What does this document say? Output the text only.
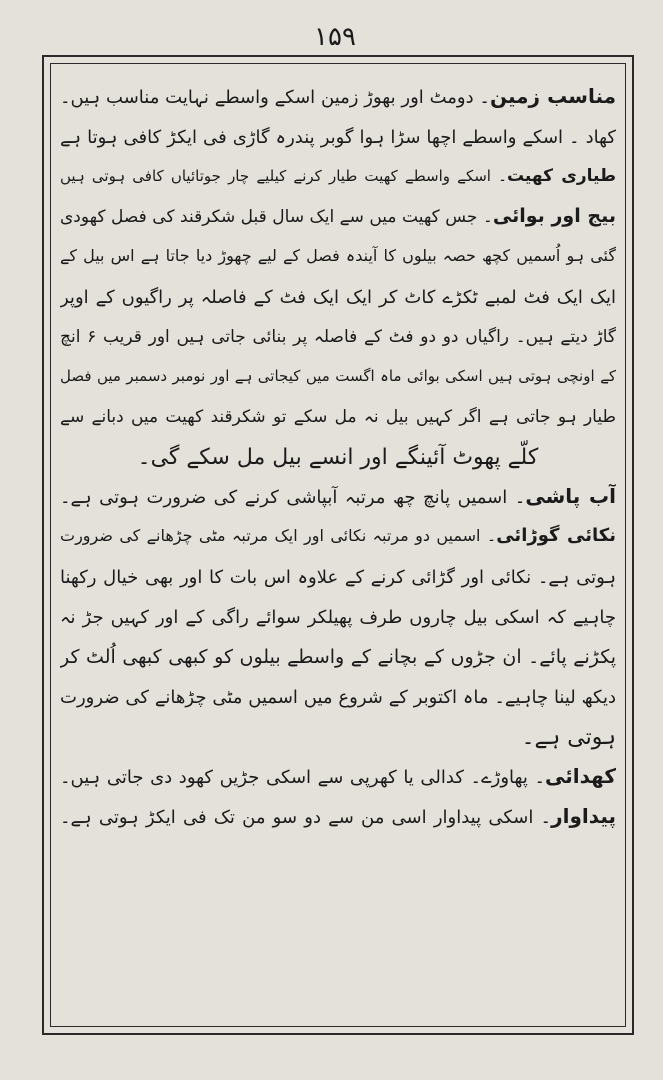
۱۵۹
مناسب زمین۔ دومٹ اور بھوڑ زمین اسکے واسطے نہایت مناسب ہیں۔
کھاد ۔ اسکے واسطے اچھا سڑا ہوا گوبر پندرہ گاڑی فی ایکڑ کافی ہوتا ہے
طیاری کھیت۔ اسکے واسطے کھیت طیار کرنے کیلیے چار جوتائیاں کافی ہوتی ہیں
بیج اور بوائی۔ جس کھیت میں سے ایک سال قبل شکرقند کی فصل کھودی
گئی ہو اُسمیں کچھ حصہ بیلوں کا آیندہ فصل کے لیے چھوڑ دیا جاتا ہے اس بیل کے
ایک ایک فٹ لمبے ٹکڑے کاٹ کر ایک ایک فٹ کے فاصلہ پر راگیوں کے اوپر
گاڑ دیتے ہیں۔ راگیاں دو دو فٹ کے فاصلہ پر بنائی جاتی ہیں اور قریب ۶ انچ
کے اونچی ہوتی ہیں اسکی بوائی ماہ اگست میں کیجاتی ہے اور نومبر دسمبر میں فصل
طیار ہو جاتی ہے اگر کہیں بیل نہ مل سکے تو شکرقند کھیت میں دبانے سے
کلّے پھوٹ آئینگے اور انسے بیل مل سکے گی۔
آب پاشی۔ اسمیں پانچ چھ مرتبہ آبپاشی کرنے کی ضرورت ہوتی ہے۔
نکائی گوڑائی۔ اسمیں دو مرتبہ نکائی اور ایک مرتبہ مٹی چڑھانے کی ضرورت
ہوتی ہے۔ نکائی اور گڑائی کرنے کے علاوہ اس بات کا اور بھی خیال رکھنا
چاہیے کہ اسکی بیل چاروں طرف پھیلکر سوائے راگی کے اور کہیں جڑ نہ
پکڑنے پائے۔ ان جڑوں کے بچانے کے واسطے بیلوں کو کبھی کبھی اُلٹ کر
دیکھ لینا چاہیے۔ ماہ اکتوبر کے شروع میں اسمیں مٹی چڑھانے کی ضرورت
ہوتی ہے۔
کھدائی۔ پھاوڑے۔ کدالی یا کھرپی سے اسکی جڑیں کھود دی جاتی ہیں۔
پیداوار۔ اسکی پیداوار اسی من سے دو سو من تک فی ایکڑ ہوتی ہے۔
